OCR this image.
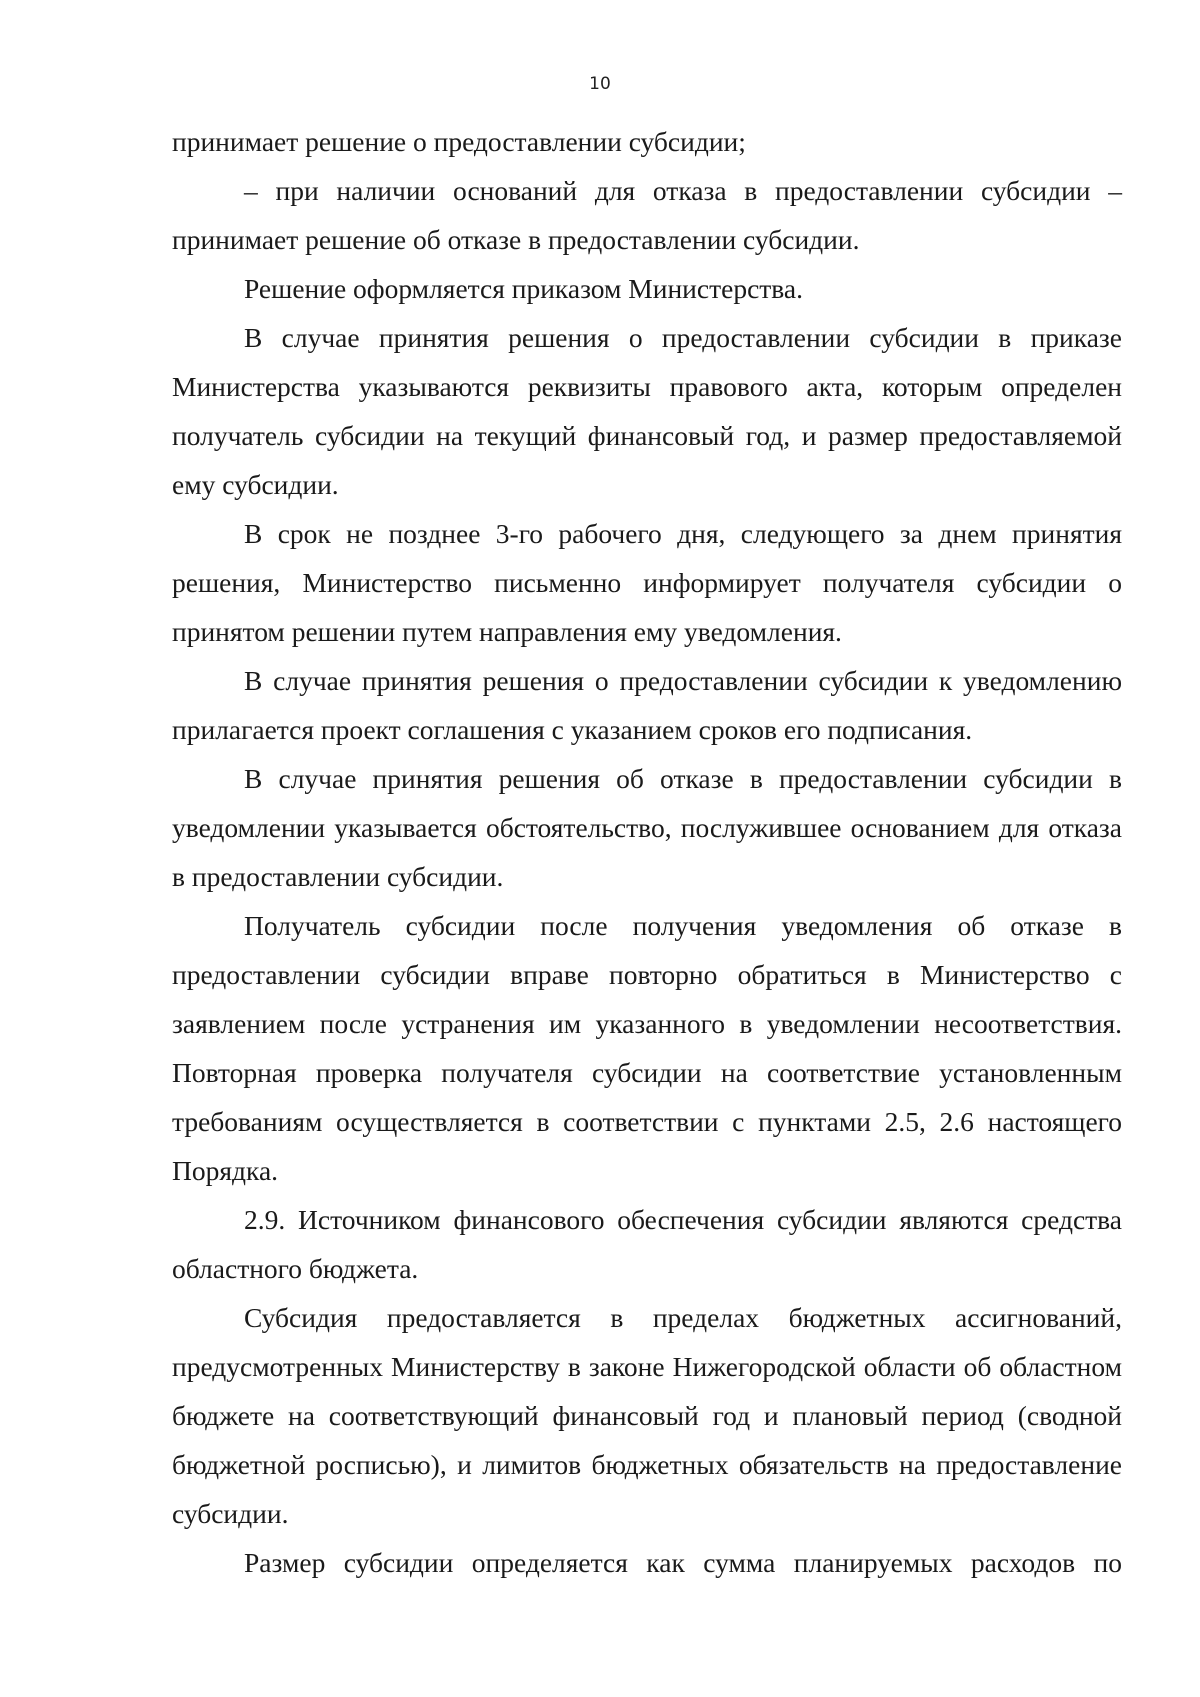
10

принимает решение о предоставлении субсидии;

– при наличии оснований для отказа в предоставлении субсидии – принимает решение об отказе в предоставлении субсидии.

Решение оформляется приказом Министерства.

В случае принятия решения о предоставлении субсидии в приказе Министерства указываются реквизиты правового акта, которым определен получатель субсидии на текущий финансовый год, и размер предоставляемой ему субсидии.

В срок не позднее 3-го рабочего дня, следующего за днем принятия решения, Министерство письменно информирует получателя субсидии о принятом решении путем направления ему уведомления.

В случае принятия решения о предоставлении субсидии к уведомлению прилагается проект соглашения с указанием сроков его подписания.

В случае принятия решения об отказе в предоставлении субсидии в уведомлении указывается обстоятельство, послужившее основанием для отказа в предоставлении субсидии.

Получатель субсидии после получения уведомления об отказе в предоставлении субсидии вправе повторно обратиться в Министерство с заявлением после устранения им указанного в уведомлении несоответствия. Повторная проверка получателя субсидии на соответствие установленным требованиям осуществляется в соответствии с пунктами 2.5, 2.6 настоящего Порядка.

2.9. Источником финансового обеспечения субсидии являются средства областного бюджета.

Субсидия предоставляется в пределах бюджетных ассигнований, предусмотренных Министерству в законе Нижегородской области об областном бюджете на соответствующий финансовый год и плановый период (сводной бюджетной росписью), и лимитов бюджетных обязательств на предоставление субсидии.

Размер субсидии определяется как сумма планируемых расходов по
